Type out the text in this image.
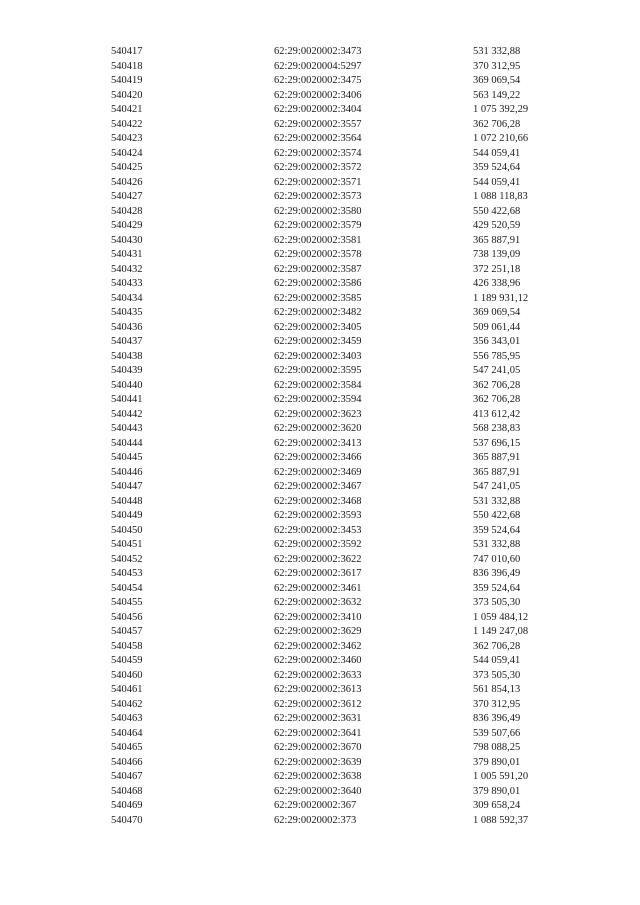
540417	62:29:0020002:3473	531 332,88
540418	62:29:0020004:5297	370 312,95
540419	62:29:0020002:3475	369 069,54
540420	62:29:0020002:3406	563 149,22
540421	62:29:0020002:3404	1 075 392,29
540422	62:29:0020002:3557	362 706,28
540423	62:29:0020002:3564	1 072 210,66
540424	62:29:0020002:3574	544 059,41
540425	62:29:0020002:3572	359 524,64
540426	62:29:0020002:3571	544 059,41
540427	62:29:0020002:3573	1 088 118,83
540428	62:29:0020002:3580	550 422,68
540429	62:29:0020002:3579	429 520,59
540430	62:29:0020002:3581	365 887,91
540431	62:29:0020002:3578	738 139,09
540432	62:29:0020002:3587	372 251,18
540433	62:29:0020002:3586	426 338,96
540434	62:29:0020002:3585	1 189 931,12
540435	62:29:0020002:3482	369 069,54
540436	62:29:0020002:3405	509 061,44
540437	62:29:0020002:3459	356 343,01
540438	62:29:0020002:3403	556 785,95
540439	62:29:0020002:3595	547 241,05
540440	62:29:0020002:3584	362 706,28
540441	62:29:0020002:3594	362 706,28
540442	62:29:0020002:3623	413 612,42
540443	62:29:0020002:3620	568 238,83
540444	62:29:0020002:3413	537 696,15
540445	62:29:0020002:3466	365 887,91
540446	62:29:0020002:3469	365 887,91
540447	62:29:0020002:3467	547 241,05
540448	62:29:0020002:3468	531 332,88
540449	62:29:0020002:3593	550 422,68
540450	62:29:0020002:3453	359 524,64
540451	62:29:0020002:3592	531 332,88
540452	62:29:0020002:3622	747 010,60
540453	62:29:0020002:3617	836 396,49
540454	62:29:0020002:3461	359 524,64
540455	62:29:0020002:3632	373 505,30
540456	62:29:0020002:3410	1 059 484,12
540457	62:29:0020002:3629	1 149 247,08
540458	62:29:0020002:3462	362 706,28
540459	62:29:0020002:3460	544 059,41
540460	62:29:0020002:3633	373 505,30
540461	62:29:0020002:3613	561 854,13
540462	62:29:0020002:3612	370 312,95
540463	62:29:0020002:3631	836 396,49
540464	62:29:0020002:3641	539 507,66
540465	62:29:0020002:3670	798 088,25
540466	62:29:0020002:3639	379 890,01
540467	62:29:0020002:3638	1 005 591,20
540468	62:29:0020002:3640	379 890,01
540469	62:29:0020002:367	309 658,24
540470	62:29:0020002:373	1 088 592,37
